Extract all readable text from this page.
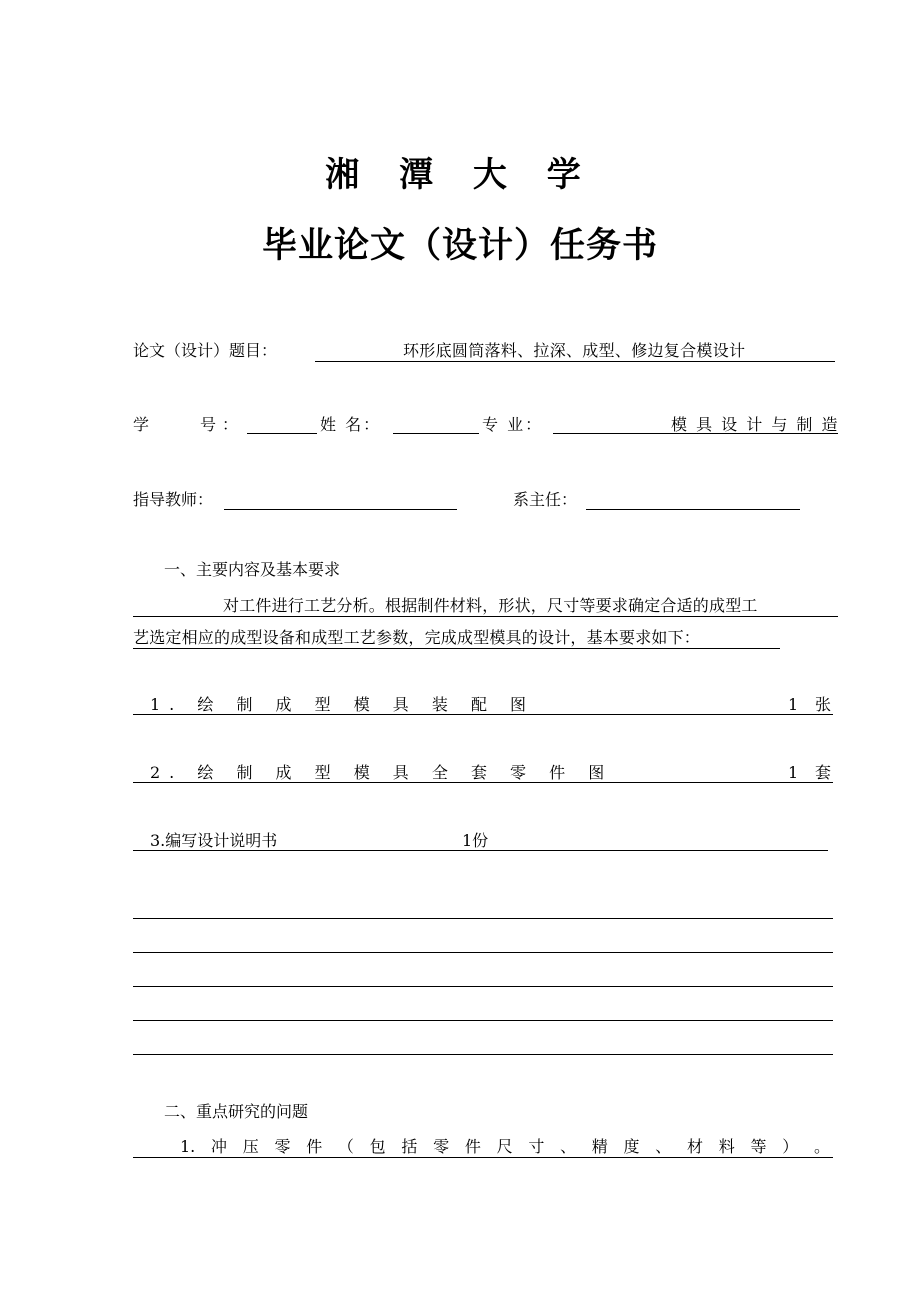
湘 潭 大 学
毕业论文（设计）任务书
论文（设计）题目：	环形底圆筒落料、拉深、成型、修边复合模设计
学	号：	姓 名：	专 业：	模 具 设 计 与 制 造
指导教师：	系主任：
一、主要内容及基本要求
对工件进行工艺分析。根据制件材料，形状，尺寸等要求确定合适的成型工
艺选定相应的成型设备和成型工艺参数，完成成型模具的设计，基本要求如下：
1. 绘 制 成 型 模 具 装 配 图	1 张
2. 绘 制 成 型 模 具 全 套 零 件 图	1 套
3.编写设计说明书	1份
二、重点研究的问题
1. 冲 压 零 件 （ 包 括 零 件 尺 寸 、 精 度 、 材 料 等 ） 。
